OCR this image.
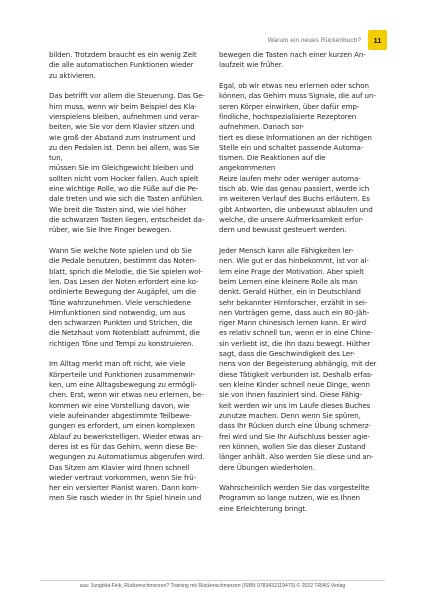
Warum ein neues Rückenbuch?	11
bilden. Trotzdem braucht es ein wenig Zeit
die alle automatischen Funktionen wieder
zu aktivieren.
Das betrifft vor allem die Steuerung. Das Ge-
hirn muss, wenn wir beim Beispiel des Kla-
vierspielens bleiben, aufnehmen und verar-
beiten, wie Sie vor dem Klavier sitzen und
wie groß der Abstand zum Instrument und
zu den Pedalen ist. Denn bei allem, was Sie tun,
müssen Sie im Gleichgewicht bleiben und
sollten nicht vom Hocker fallen. Auch spielt
eine wichtige Rolle, wo die Füße auf die Pe-
dale treten und wie sich die Tasten anfühlen.
Wie breit die Tasten sind, wie viel höher
die schwarzen Tasten liegen, entscheidet da-
rüber, wie Sie Ihre Finger bewegen.
Wann Sie welche Note spielen und ob Sie
die Pedale benutzen, bestimmt das Noten-
blatt, sprich die Melodie, die Sie spielen wol-
len. Das Lesen der Noten erfordert eine ko-
ordinierte Bewegung der Augäpfel, um die
Töne wahrzunehmen. Viele verschiedene
Hirnfunktionen sind notwendig, um aus
den schwarzen Punkten und Strichen, die
die Netzhaut vom Notenblatt aufnimmt, die
richtigen Töne und Tempi zu konstruieren.
Im Alltag merkt man oft nicht, wie viele
Körperteile und Funktionen zusammenwir-
ken, um eine Alltagsbewegung zu ermögli-
chen. Erst, wenn wir etwas neu erlernen, be-
kommen wir eine Vorstellung davon, wie
viele aufeinander abgestimmte Teilbewe-
gungen es erfordert, um einen komplexen
Ablauf zu bewerkstelligen. Wieder etwas an-
deres ist es für das Gehirn, wenn diese Be-
wegungen zu Automatismus abgerufen wird.
Das Sitzen am Klavier wird Ihnen schnell
wieder vertraut vorkommen, wenn Sie frü-
her ein versierter Pianist waren. Dann kom-
men Sie rasch wieder in Ihr Spiel hinein und
bewegen die Tasten nach einer kurzen An-
laufzeit wie früher.
Egal, ob wir etwas neu erlernen oder schon
können, das Gehirn muss Signale, die auf un-
seren Körper einwirken, über dafür emp-
findliche, hochspezialisierte Rezeptoren aufnehmen. Danach sor-
tiert es diese Informationen an der richtigen
Stelle ein und schaltet passende Automa-
tismen. Die Reaktionen auf die angekommenen
Reize laufen mehr oder weniger automa-
tisch ab. Wie das genau passiert, werde ich
im weiteren Verlauf des Buchs erläutern. Es
gibt Antworten, die unbewusst ablaufen und
welche, die unsere Aufmerksamkeit erfor-
dern und bewusst gesteuert werden.
Jeder Mensch kann alle Fähigkeiten ler-
nen. Wie gut er das hinbekommt, ist vor al-
lem eine Frage der Motivation. Aber spielt
beim Lernen eine kleinere Rolle als man
denkt. Gerald Hüther, ein in Deutschland
sehr bekannter Hirnforscher, erzählt in sei-
nen Vorträgen gerne, dass auch ein 80-Jäh-
riger Mann chinesisch lernen kann. Er wird
es relativ schnell tun, wenn er in eine Chine-
sin verliebt ist, die ihn dazu bewegt. Hüther
sagt, dass die Geschwindigkeit des Ler-
nens von der Begeisterung abhängig, mit der
diese Tätigkeit verbunden ist. Deshalb erfas-
sen kleine Kinder schnell neue Dinge, wenn
sie von ihnen fasziniert sind. Diese Fähig-
keit werden wir uns im Laufe dieses Buches
zunutze machen. Denn wenn Sie spüren,
dass Ihr Rücken durch eine Übung schmerz-
frei wird und Sie Ihr Aufschluss besser agie-
ren können, wollen Sie das dieser Zustand
länger anhält. Also werden Sie diese und an-
dere Übungen wiederholen.
Wahrscheinlich werden Sie das vorgestellte
Programm so lange nutzen, wie es Ihnen
eine Erleichterung bringt.
aus: Jungblut-Fink, Rückenschmerzen? Training mit Rückenschmerzen (ISBN 9783432119470) © 2022 TRIAS Verlag
